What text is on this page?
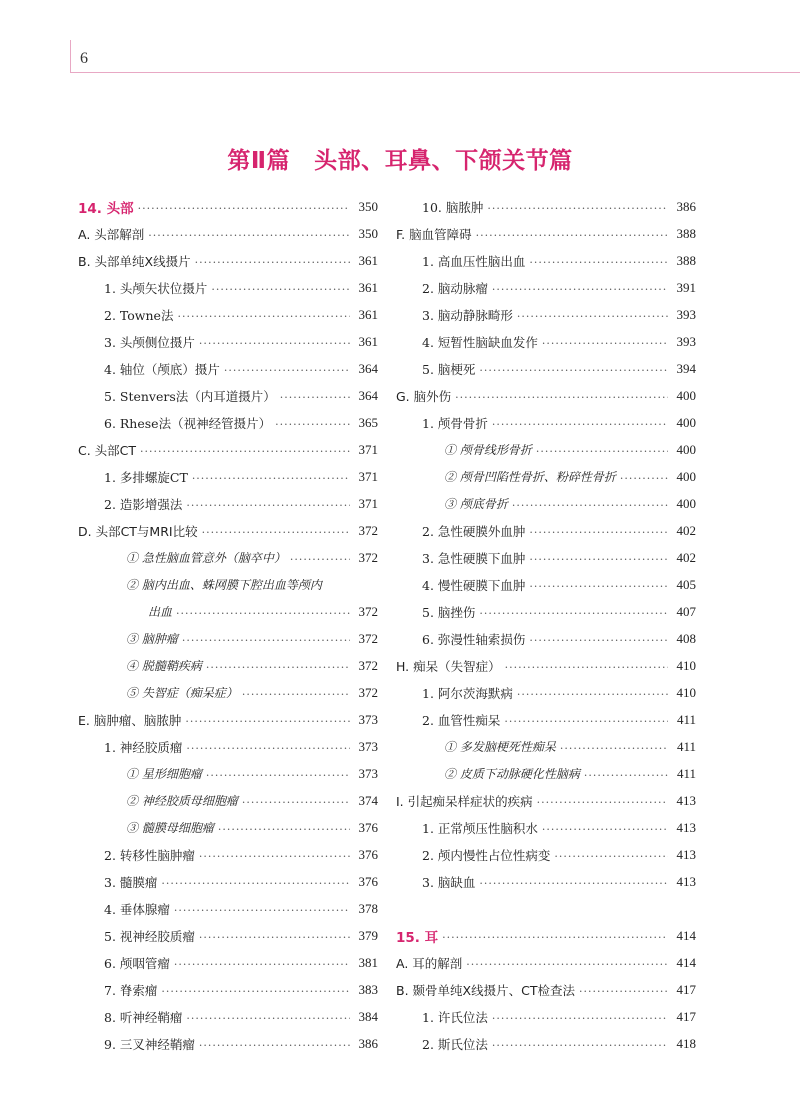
6
第Ⅱ篇 头部、耳鼻、下颌关节篇
14. 头部 ·····	350
A. 头部解剖 ·····	350
B. 头部单纯X线摄片 ·····	361
1. 头颅矢状位摄片 ·····	361
2. Towne法 ·····	361
3. 头颅侧位摄片 ·····	361
4. 轴位（颅底）摄片 ·····	364
5. Stenvers法（内耳道摄片） ·····	364
6. Rhese法（视神经管摄片） ·····	365
C. 头部CT ·····	371
1. 多排螺旋CT ·····	371
2. 造影增强法 ·····	371
D. 头部CT与MRI比较 ·····	372
① 急性脑血管意外（脑卒中） ·····	372
② 脑内出血、蛛网膜下腔出血等颅内
出血 ·····	372
③ 脑肿瘤 ·····	372
④ 脱髓鞘疾病 ·····	372
⑤ 失智症（痴呆症） ·····	372
E. 脑肿瘤、脑脓肿 ·····	373
1. 神经胶质瘤 ·····	373
① 星形细胞瘤 ·····	373
② 神经胶质母细胞瘤 ·····	374
③ 髓膜母细胞瘤 ·····	376
2. 转移性脑肿瘤 ·····	376
3. 髓膜瘤 ·····	376
4. 垂体腺瘤 ·····	378
5. 视神经胶质瘤 ·····	379
6. 颅咽管瘤 ·····	381
7. 脊索瘤 ·····	383
8. 听神经鞘瘤 ·····	384
9. 三叉神经鞘瘤 ·····	386
10. 脑脓肿 ·····	386
F. 脑血管障碍 ·····	388
1. 高血压性脑出血 ·····	388
2. 脑动脉瘤 ·····	391
3. 脑动静脉畸形 ·····	393
4. 短暂性脑缺血发作 ·····	393
5. 脑梗死 ·····	394
G. 脑外伤 ·····	400
1. 颅骨骨折 ·····	400
① 颅骨线形骨折 ·····	400
② 颅骨凹陷性骨折、粉碎性骨折 ·····	400
③ 颅底骨折 ·····	400
2. 急性硬膜外血肿 ·····	402
3. 急性硬膜下血肿 ·····	402
4. 慢性硬膜下血肿 ·····	405
5. 脑挫伤 ·····	407
6. 弥漫性轴索损伤 ·····	408
H. 痴呆（失智症） ·····	410
1. 阿尔茨海默病 ·····	410
2. 血管性痴呆 ·····	411
① 多发脑梗死性痴呆 ·····	411
② 皮质下动脉硬化性脑病 ·····	411
I. 引起痴呆样症状的疾病 ·····	413
1. 正常颅压性脑积水 ·····	413
2. 颅内慢性占位性病变 ·····	413
3. 脑缺血 ·····	413
15. 耳 ·····	414
A. 耳的解剖 ·····	414
B. 颞骨单纯X线摄片、CT检查法 ·····	417
1. 许氏位法 ·····	417
2. 斯氏位法 ·····	418
